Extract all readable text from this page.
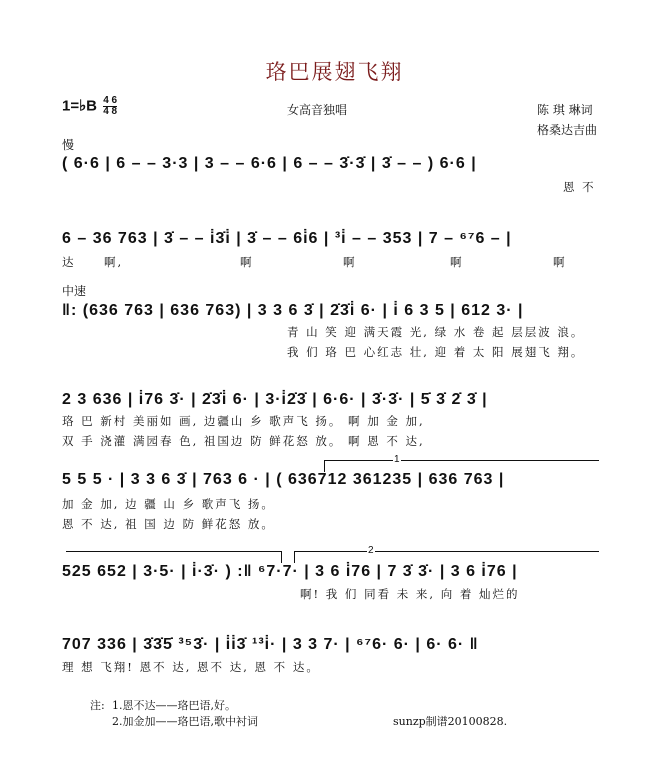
珞巴展翅飞翔
1=♭B $\frac{4 6}{4 8}$	女高音独唱	陈 琪 琳词
格桑达吉曲
慢
( 6·6 | 6 – – 3·3 | 3 – – 6·6 | 6 – – 3̇·3̇ | 3̇ – – ) 6·6 |
恩 不
6 – 36 763 | 3̇ – – i̇3̇i̇ | 3̇ – – 6i̇6 | ³i̇ – – 353 | 7 – ⁶⁷6 – |
达 啊,	啊	啊	啊	啊
中速
‖: (636 763 | 636 763) | 3 3 6 3̇ | 2̇3̇i̇ 6· | i̇ 6 3 5 | 612 3· |
青 山 笑 迎 满天霞 光, 绿 水 卷 起 层层波 浪。
我 们 珞 巴 心红志 壮, 迎 着 太 阳 展翅飞 翔。
2 3 636 | i̇76 3̇· | 2̇3̇i̇ 6· | 3·i̇2̇3̇ | 6·6· | 3̇·3̇· | 5̇ 3̇ 2̇ 3̇ |
珞 巴 新村 美丽如 画, 边疆山 乡 歌声飞 扬。 啊 加 金 加,
双 手 浇灌 满园春 色, 祖国边 防 鲜花怒 放。 啊 恩 不 达,
1
5 5 5 · | 3 3 6 3̇ | 763 6 · | ( 636712 361235 | 636 763 |
加 金 加, 边 疆 山 乡 歌声飞 扬。
恩 不 达, 祖 国 边 防 鲜花怒 放。
2
525 652 | 3·5· | i̇·3̇· ) :‖ ⁶7·7· | 3 6 i̇76 | 7 3̇ 3̇· | 3 6 i̇76 |
啊! 我 们 同看 未 来, 向 着 灿烂的
707 336 | 3̇3̇5̇ ³⁵3̇· | i̇i̇3̇ ¹³i̇· | 3 3 7· | ⁶⁷6· 6· | 6· 6· ‖
理 想 飞翔! 恩不 达, 恩不 达, 恩 不 达。
注: 1.恩不达——珞巴语,好。
2.加金加——珞巴语,歌中衬词	sunzp制谱20100828.
